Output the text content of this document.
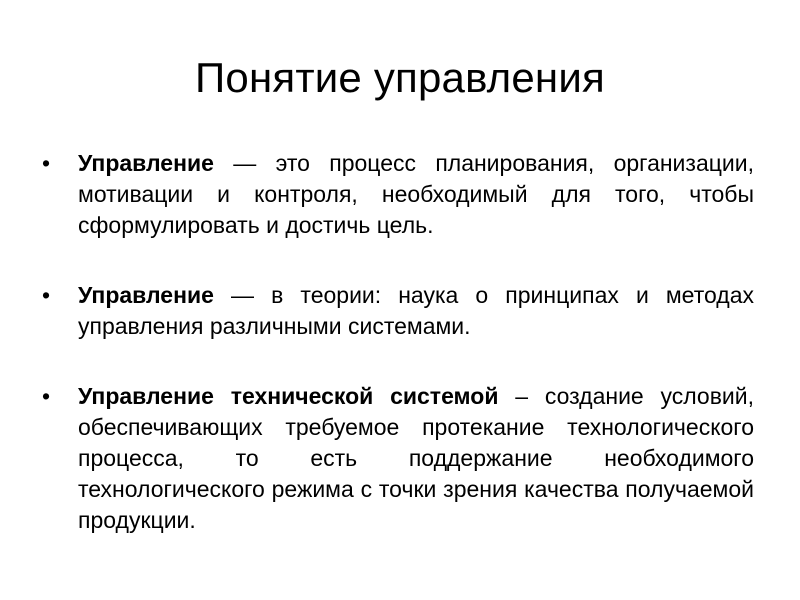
Понятие управления
• Управление — это процесс планирования, организации, мотивации и контроля, необходимый для того, чтобы сформулировать и достичь цель.
• Управление — в теории: наука о принципах и методах управления различными системами.
• Управление технической системой – создание условий, обеспечивающих требуемое протекание технологического процесса, то есть поддержание необходимого технологического режима с точки зрения качества получаемой продукции.
